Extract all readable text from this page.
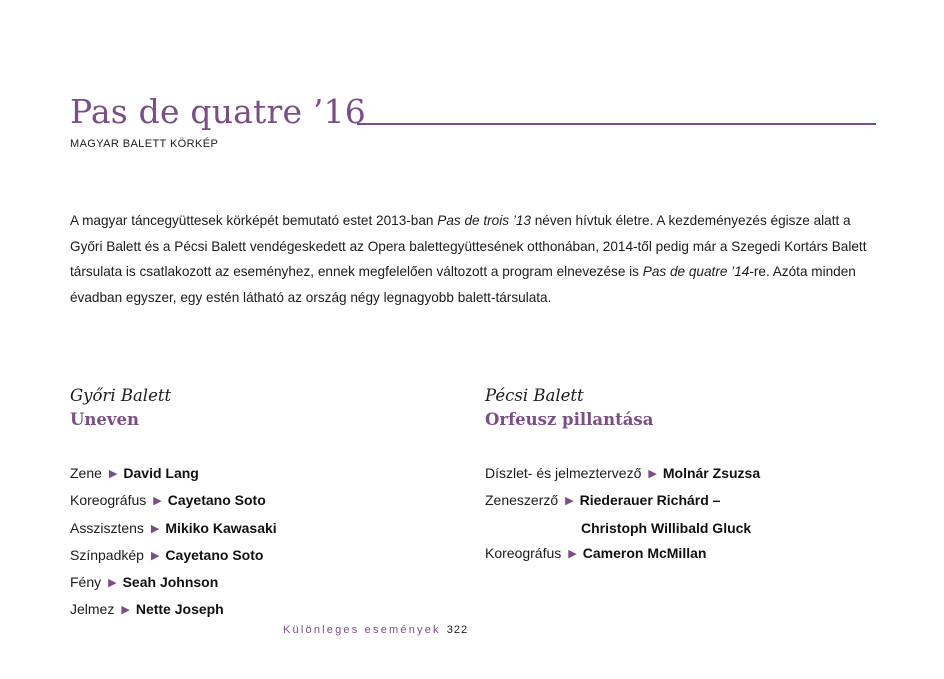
Pas de quatre ’16
MAGYAR BALETT KÖRKÉP

A magyar táncegyüttesek körképét bemutató estet 2013-ban Pas de trois ’13 néven hívtuk életre. A kezdeményezés égisze alatt a Győri Balett és a Pécsi Balett vendégeskedett az Opera balettegyüttesének otthonában, 2014-től pedig már a Szegedi Kortárs Balett társulata is csatlakozott az eseményhez, ennek megfelelően változott a program elnevezése is Pas de quatre ’14-re. Azóta minden évadban egyszer, egy estén látható az ország négy legnagyobb balett-társulata.

Győri Balett
Uneven
Zene ▶ David Lang
Koreográfus ▶ Cayetano Soto
Asszisztens ▶ Mikiko Kawasaki
Színpadkép ▶ Cayetano Soto
Fény ▶ Seah Johnson
Jelmez ▶ Nette Joseph
Pécsi Balett
Orfeusz pillantása
Díszlet- és jelmeztervező ▶ Molnár Zsuzsa
Zeneszerző ▶ Riederauer Richárd –
Christoph Willibald Gluck
Koreográfus ▶ Cameron McMillan
Különleges események 322
